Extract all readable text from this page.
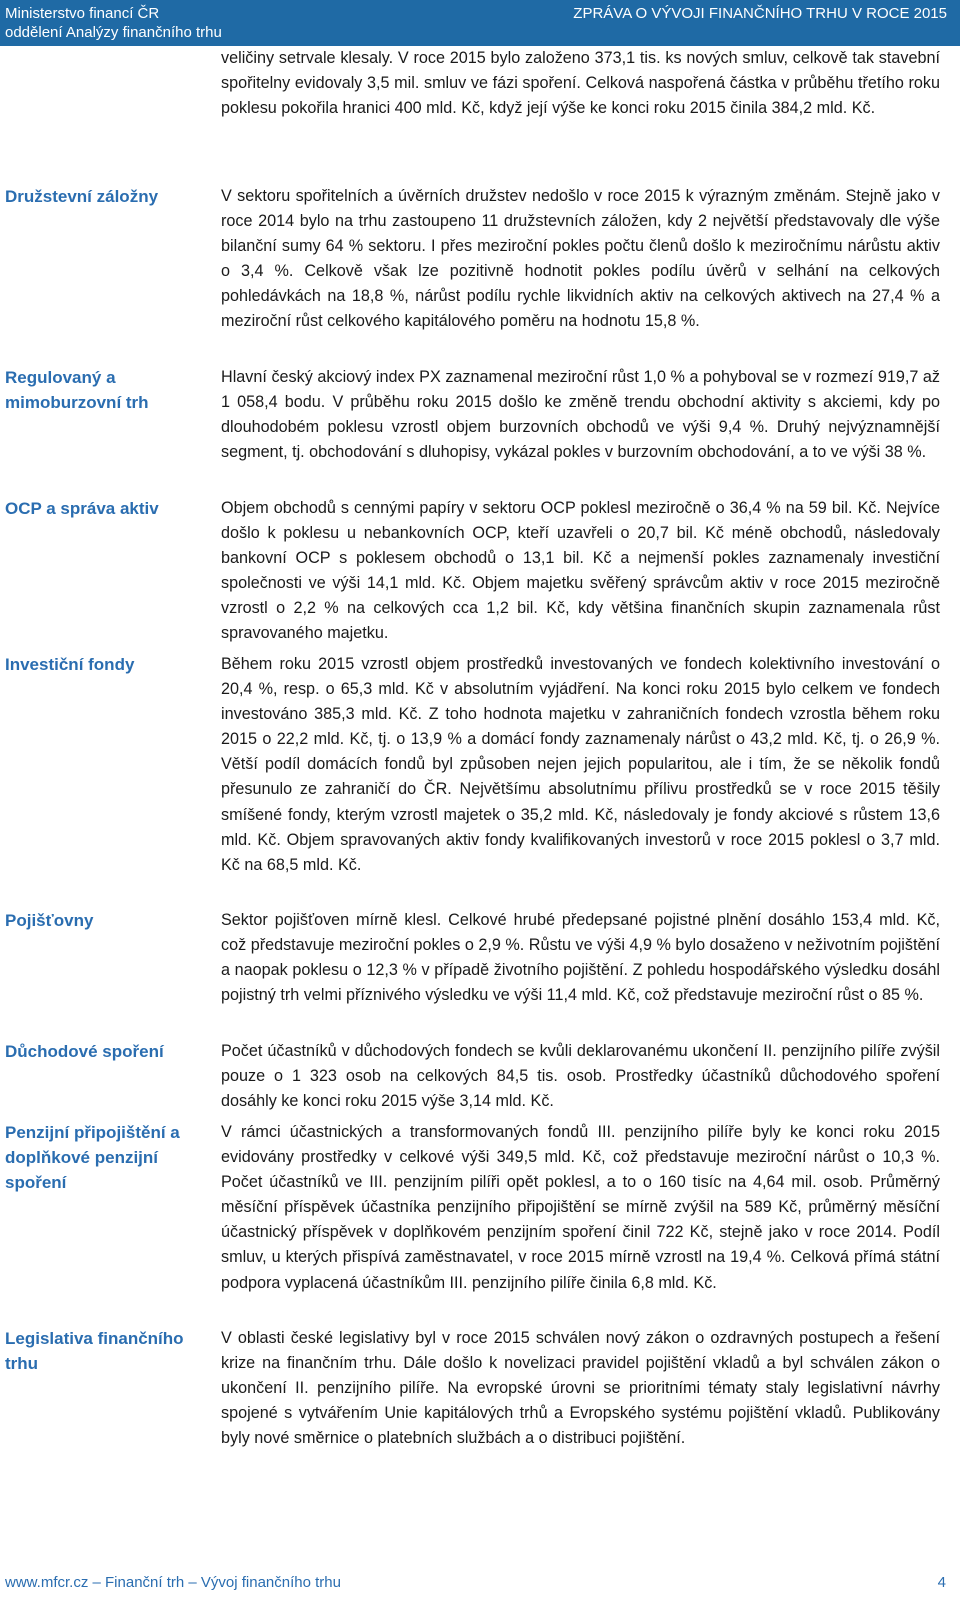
Ministerstvo financí ČR
oddělení Analýzy finančního trhu
ZPRÁVA O VÝVOJI FINANČNÍHO TRHU V ROCE 2015
Družstevní záložny
Regulovaný a mimoburzovní trh
OCP a správa aktiv
Investiční fondy
Pojišťovny
Důchodové spoření
Penzijní připojištění a doplňkové penzijní spoření
Legislativa finančního trhu

veličiny setrvale klesaly. V roce 2015 bylo založeno 373,1 tis. ks nových smluv, celkově tak stavební spořitelny evidovaly 3,5 mil. smluv ve fázi spoření. Celková naspořená částka v průběhu třetího roku poklesu pokořila hranici 400 mld. Kč, když její výše ke konci roku 2015 činila 384,2 mld. Kč.

V sektoru spořitelních a úvěrních družstev nedošlo v roce 2015 k výrazným změnám. Stejně jako v roce 2014 bylo na trhu zastoupeno 11 družstevních záložen, kdy 2 největší představovaly dle výše bilanční sumy 64 % sektoru. I přes meziroční pokles počtu členů došlo k meziročnímu nárůstu aktiv o 3,4 %. Celkově však lze pozitivně hodnotit pokles podílu úvěrů v selhání na celkových pohledávkách na 18,8 %, nárůst podílu rychle likvidních aktiv na celkových aktivech na 27,4 % a meziroční růst celkového kapitálového poměru na hodnotu 15,8 %.

Hlavní český akciový index PX zaznamenal meziroční růst 1,0 % a pohyboval se v rozmezí 919,7 až 1 058,4 bodu. V průběhu roku 2015 došlo ke změně trendu obchodní aktivity s akciemi, kdy po dlouhodobém poklesu vzrostl objem burzovních obchodů ve výši 9,4 %. Druhý nejvýznamnější segment, tj. obchodování s dluhopisy, vykázal pokles v burzovním obchodování, a to ve výši 38 %.

Objem obchodů s cennými papíry v sektoru OCP poklesl meziročně o 36,4 % na 59 bil. Kč. Nejvíce došlo k poklesu u nebankovních OCP, kteří uzavřeli o 20,7 bil. Kč méně obchodů, následovaly bankovní OCP s poklesem obchodů o 13,1 bil. Kč a nejmenší pokles zaznamenaly investiční společnosti ve výši 14,1 mld. Kč. Objem majetku svěřený správcům aktiv v roce 2015 meziročně vzrostl o 2,2 % na celkových cca 1,2 bil. Kč, kdy většina finančních skupin zaznamenala růst spravovaného majetku.

Během roku 2015 vzrostl objem prostředků investovaných ve fondech kolektivního investování o 20,4 %, resp. o 65,3 mld. Kč v absolutním vyjádření. Na konci roku 2015 bylo celkem ve fondech investováno 385,3 mld. Kč. Z toho hodnota majetku v zahraničních fondech vzrostla během roku 2015 o 22,2 mld. Kč, tj. o 13,9 % a domácí fondy zaznamenaly nárůst o 43,2 mld. Kč, tj. o 26,9 %. Větší podíl domácích fondů byl způsoben nejen jejich popularitou, ale i tím, že se několik fondů přesunulo ze zahraničí do ČR. Největšímu absolutnímu přílivu prostředků se v roce 2015 těšily smíšené fondy, kterým vzrostl majetek o 35,2 mld. Kč, následovaly je fondy akciové s růstem 13,6 mld. Kč. Objem spravovaných aktiv fondy kvalifikovaných investorů v roce 2015 poklesl o 3,7 mld. Kč na 68,5 mld. Kč.

Sektor pojišťoven mírně klesl. Celkové hrubé předepsané pojistné plnění dosáhlo 153,4 mld. Kč, což představuje meziroční pokles o 2,9 %. Růstu ve výši 4,9 % bylo dosaženo v neživotním pojištění a naopak poklesu o 12,3 % v případě životního pojištění. Z pohledu hospodářského výsledku dosáhl pojistný trh velmi příznivého výsledku ve výši 11,4 mld. Kč, což představuje meziroční růst o 85 %.

Počet účastníků v důchodových fondech se kvůli deklarovanému ukončení II. penzijního pilíře zvýšil pouze o 1 323 osob na celkových 84,5 tis. osob. Prostředky účastníků důchodového spoření dosáhly ke konci roku 2015 výše 3,14 mld. Kč.

V rámci účastnických a transformovaných fondů III. penzijního pilíře byly ke konci roku 2015 evidovány prostředky v celkové výši 349,5 mld. Kč, což představuje meziroční nárůst o 10,3 %. Počet účastníků ve III. penzijním pilíři opět poklesl, a to o 160 tisíc na 4,64 mil. osob. Průměrný měsíční příspěvek účastníka penzijního připojištění se mírně zvýšil na 589 Kč, průměrný měsíční účastnický příspěvek v doplňkovém penzijním spoření činil 722 Kč, stejně jako v roce 2014. Podíl smluv, u kterých přispívá zaměstnavatel, v roce 2015 mírně vzrostl na 19,4 %. Celková přímá státní podpora vyplacená účastníkům III. penzijního pilíře činila 6,8 mld. Kč.

V oblasti české legislativy byl v roce 2015 schválen nový zákon o ozdravných postupech a řešení krize na finančním trhu. Dále došlo k novelizaci pravidel pojištění vkladů a byl schválen zákon o ukončení II. penzijního pilíře. Na evropské úrovni se prioritními tématy staly legislativní návrhy spojené s vytvářením Unie kapitálových trhů a Evropského systému pojištění vkladů. Publikovány byly nové směrnice o platebních službách a o distribuci pojištění.

www.mfcr.cz – Finanční trh – Vývoj finančního trhu	4
